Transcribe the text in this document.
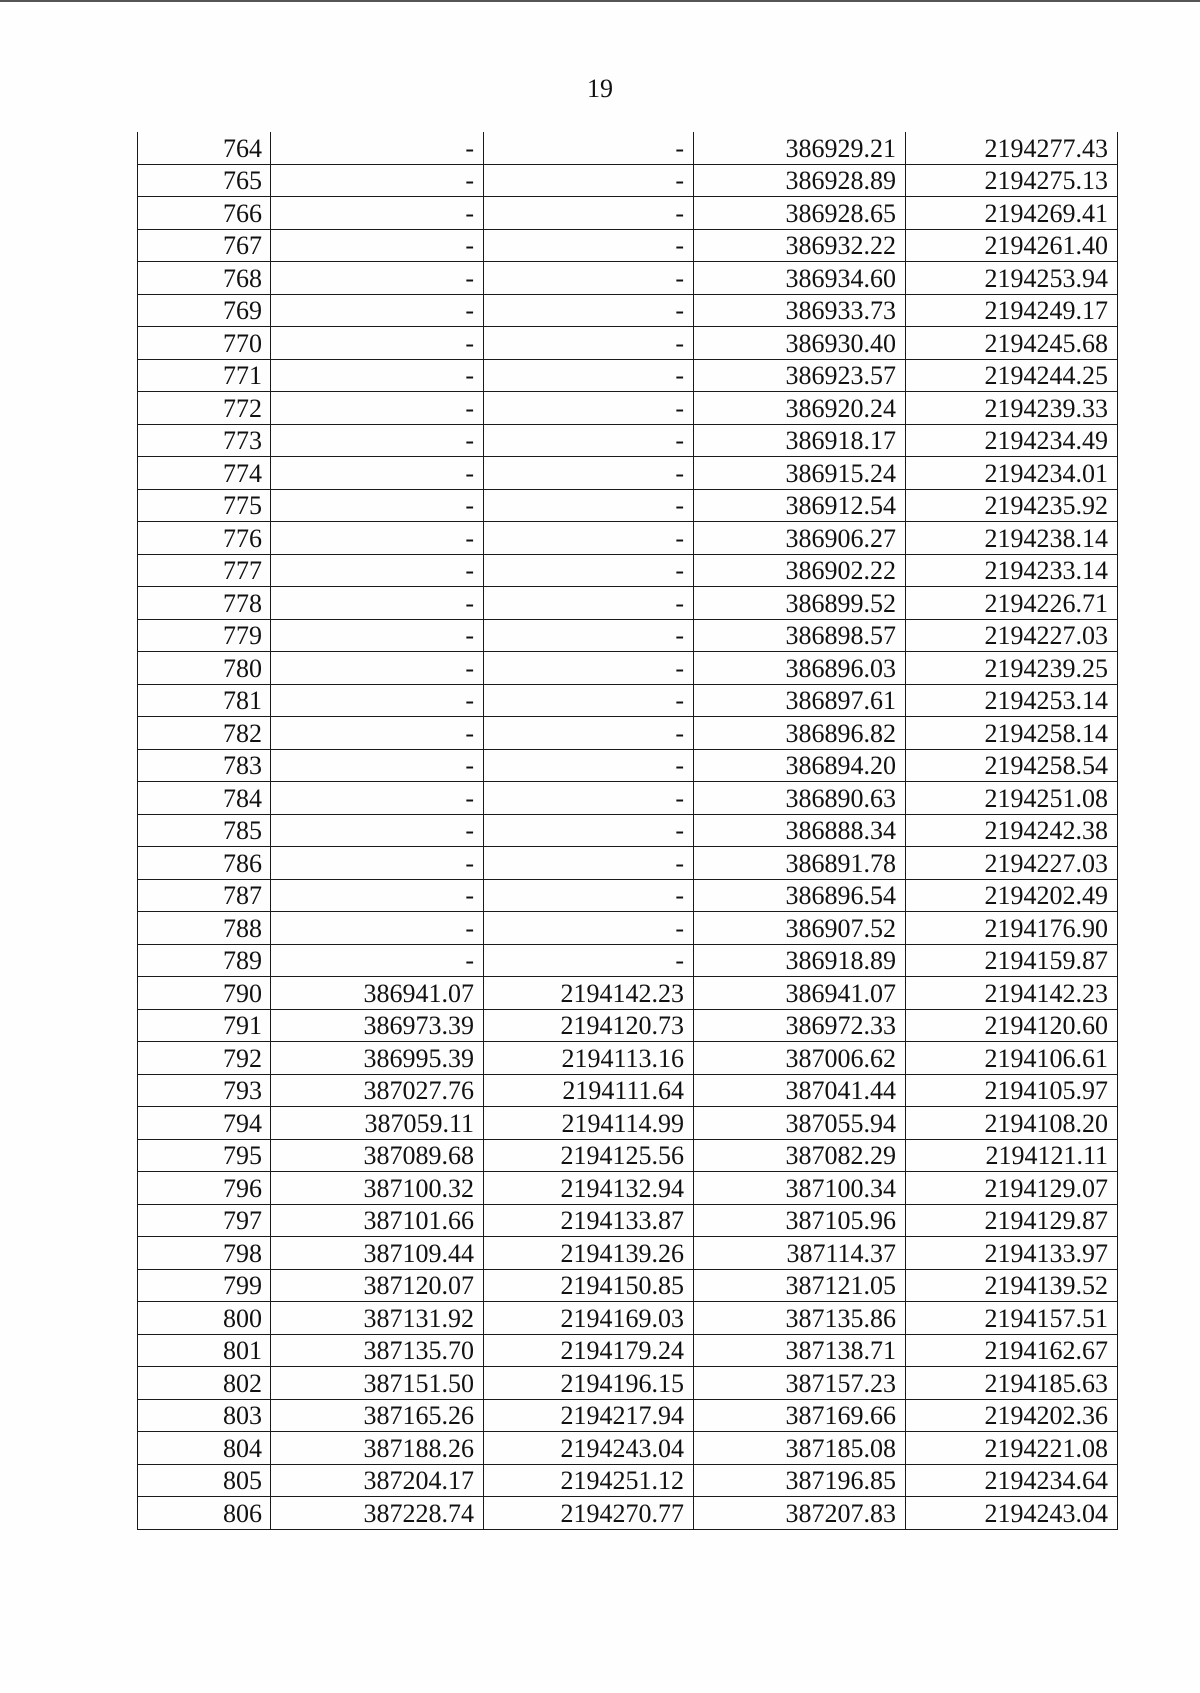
19
764	-	-	386929.21	2194277.43
765	-	-	386928.89	2194275.13
766	-	-	386928.65	2194269.41
767	-	-	386932.22	2194261.40
768	-	-	386934.60	2194253.94
769	-	-	386933.73	2194249.17
770	-	-	386930.40	2194245.68
771	-	-	386923.57	2194244.25
772	-	-	386920.24	2194239.33
773	-	-	386918.17	2194234.49
774	-	-	386915.24	2194234.01
775	-	-	386912.54	2194235.92
776	-	-	386906.27	2194238.14
777	-	-	386902.22	2194233.14
778	-	-	386899.52	2194226.71
779	-	-	386898.57	2194227.03
780	-	-	386896.03	2194239.25
781	-	-	386897.61	2194253.14
782	-	-	386896.82	2194258.14
783	-	-	386894.20	2194258.54
784	-	-	386890.63	2194251.08
785	-	-	386888.34	2194242.38
786	-	-	386891.78	2194227.03
787	-	-	386896.54	2194202.49
788	-	-	386907.52	2194176.90
789	-	-	386918.89	2194159.87
790	386941.07	2194142.23	386941.07	2194142.23
791	386973.39	2194120.73	386972.33	2194120.60
792	386995.39	2194113.16	387006.62	2194106.61
793	387027.76	2194111.64	387041.44	2194105.97
794	387059.11	2194114.99	387055.94	2194108.20
795	387089.68	2194125.56	387082.29	2194121.11
796	387100.32	2194132.94	387100.34	2194129.07
797	387101.66	2194133.87	387105.96	2194129.87
798	387109.44	2194139.26	387114.37	2194133.97
799	387120.07	2194150.85	387121.05	2194139.52
800	387131.92	2194169.03	387135.86	2194157.51
801	387135.70	2194179.24	387138.71	2194162.67
802	387151.50	2194196.15	387157.23	2194185.63
803	387165.26	2194217.94	387169.66	2194202.36
804	387188.26	2194243.04	387185.08	2194221.08
805	387204.17	2194251.12	387196.85	2194234.64
806	387228.74	2194270.77	387207.83	2194243.04
